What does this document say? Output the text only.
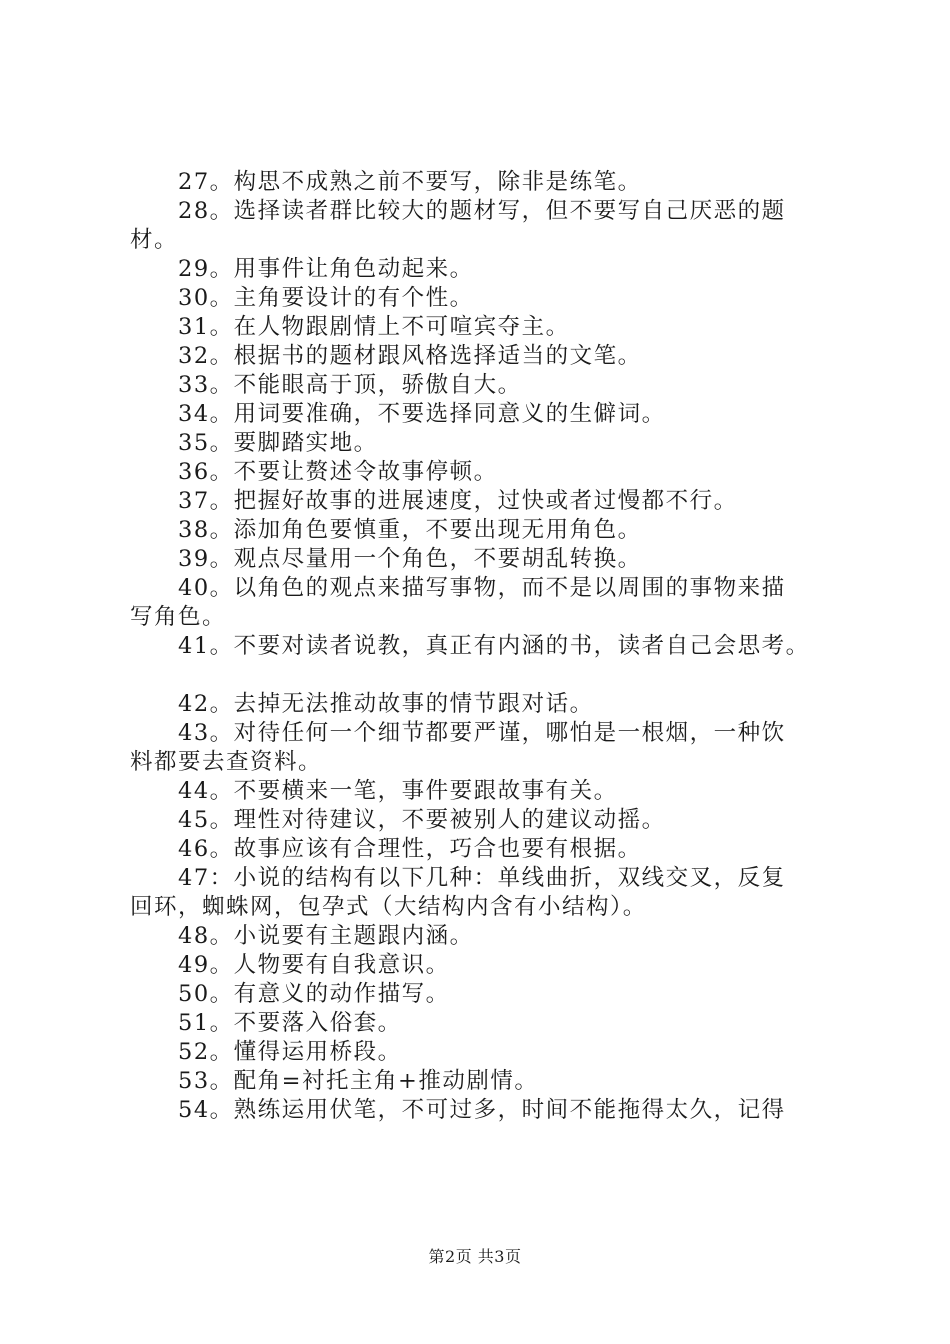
27。构思不成熟之前不要写，除非是练笔。
28。选择读者群比较大的题材写，但不要写自己厌恶的题
材。
29。用事件让角色动起来。
30。主角要设计的有个性。
31。在人物跟剧情上不可喧宾夺主。
32。根据书的题材跟风格选择适当的文笔。
33。不能眼高于顶，骄傲自大。
34。用词要准确，不要选择同意义的生僻词。
35。要脚踏实地。
36。不要让赘述令故事停顿。
37。把握好故事的进展速度，过快或者过慢都不行。
38。添加角色要慎重，不要出现无用角色。
39。观点尽量用一个角色，不要胡乱转换。
40。以角色的观点来描写事物，而不是以周围的事物来描
写角色。
41。不要对读者说教，真正有内涵的书，读者自己会思考。
42。去掉无法推动故事的情节跟对话。
43。对待任何一个细节都要严谨，哪怕是一根烟，一种饮
料都要去查资料。
44。不要横来一笔，事件要跟故事有关。
45。理性对待建议，不要被别人的建议动摇。
46。故事应该有合理性，巧合也要有根据。
47：小说的结构有以下几种：单线曲折，双线交叉，反复
回环，蜘蛛网，包孕式（大结构内含有小结构）。
48。小说要有主题跟内涵。
49。人物要有自我意识。
50。有意义的动作描写。
51。不要落入俗套。
52。懂得运用桥段。
53。配角=衬托主角+推动剧情。
54。熟练运用伏笔，不可过多，时间不能拖得太久，记得
第2页 共3页
